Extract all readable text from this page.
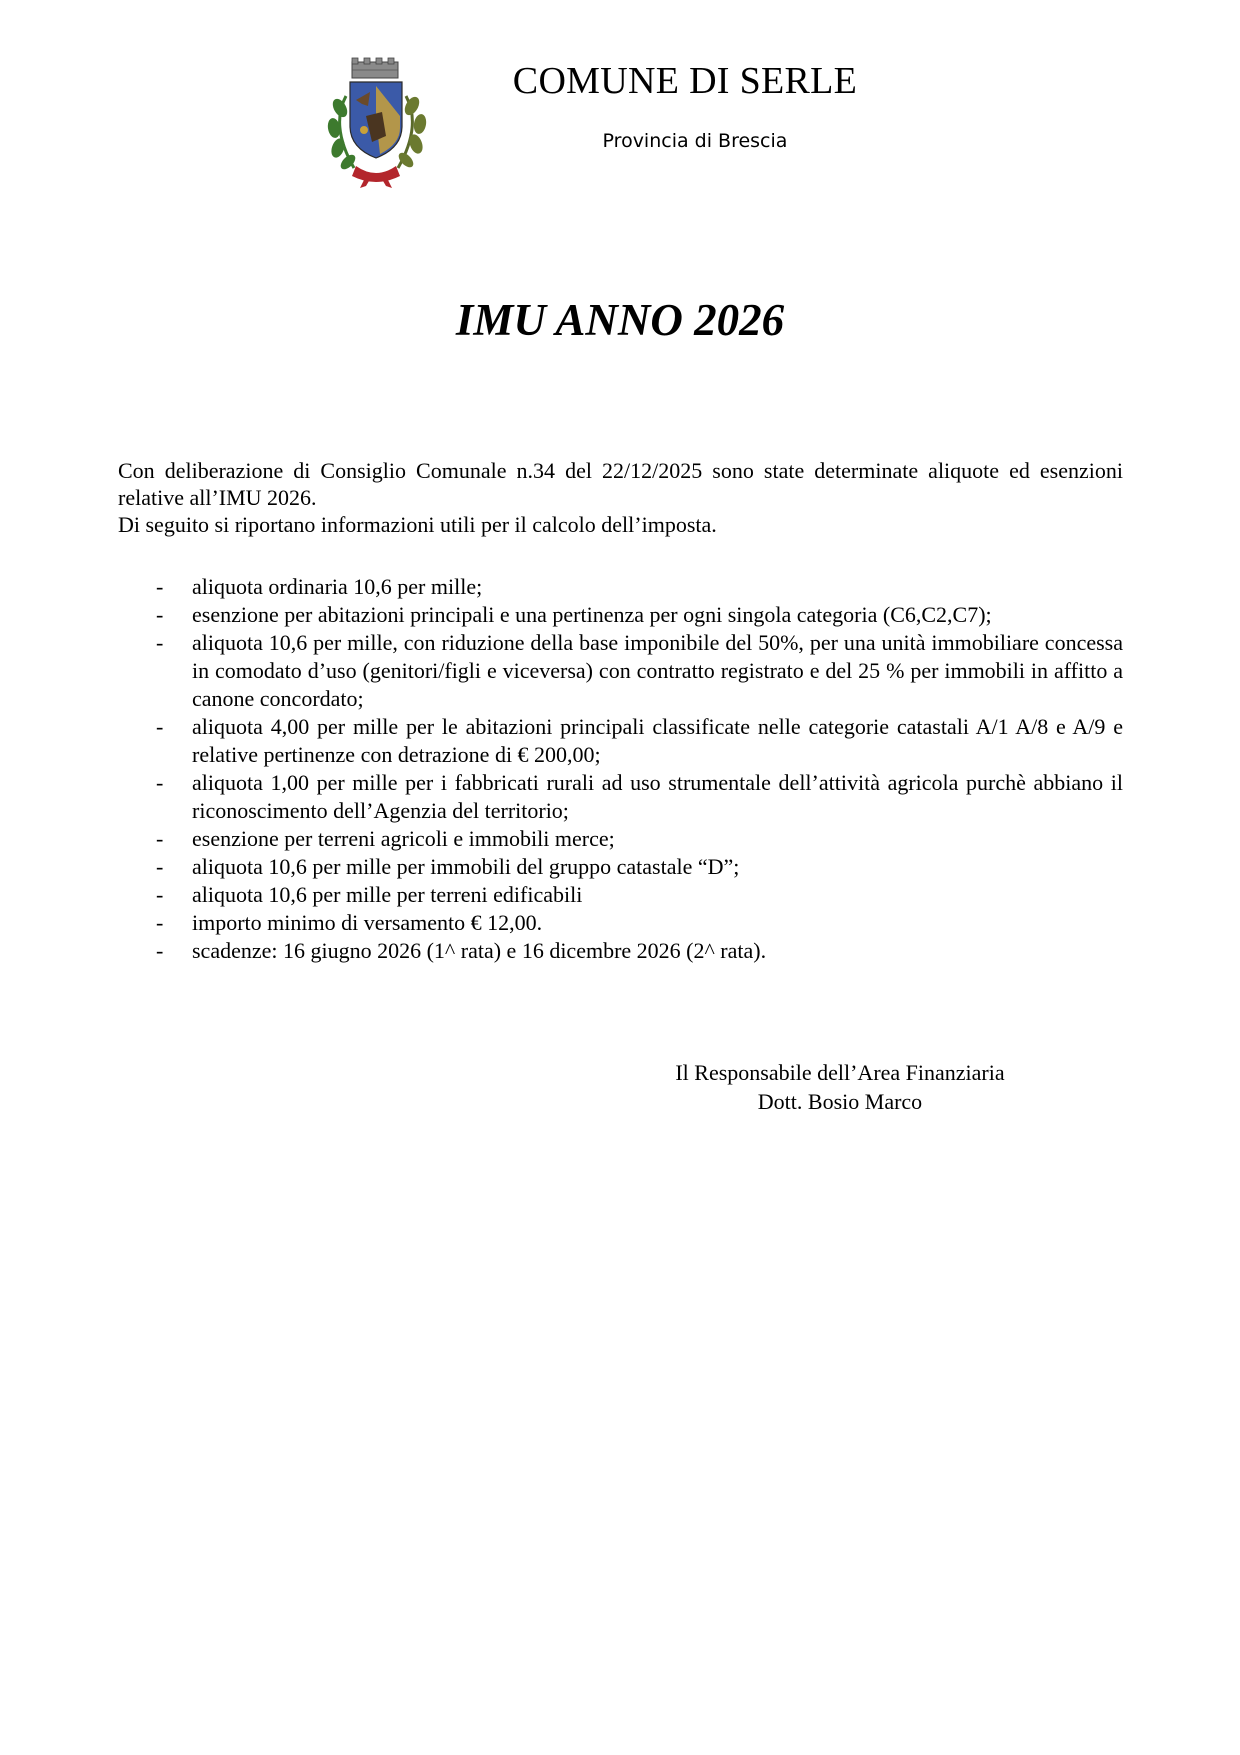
COMUNE DI SERLE
Provincia di Brescia
IMU ANNO 2026

Con deliberazione di Consiglio Comunale n.34 del 22/12/2025 sono state determinate aliquote ed esenzioni relative all’IMU 2026.

Di seguito si riportano informazioni utili per il calcolo dell’imposta.

- aliquota ordinaria 10,6 per mille;
- esenzione per abitazioni principali e una pertinenza per ogni singola categoria (C6,C2,C7);
- aliquota 10,6 per mille, con riduzione della base imponibile del 50%, per una unità immobiliare concessa in comodato d’uso (genitori/figli e viceversa) con contratto registrato e del 25 % per immobili in affitto a canone concordato;
- aliquota 4,00 per mille per le abitazioni principali classificate nelle categorie catastali A/1 A/8 e A/9 e relative pertinenze con detrazione di € 200,00;
- aliquota 1,00 per mille per i fabbricati rurali ad uso strumentale dell’attività agricola purchè abbiano il riconoscimento dell’Agenzia del territorio;
- esenzione per terreni agricoli e immobili merce;
- aliquota 10,6 per mille per immobili del gruppo catastale “D”;
- aliquota 10,6 per mille per terreni edificabili
- importo minimo di versamento € 12,00.
- scadenze: 16 giugno 2026 (1^ rata) e 16 dicembre 2026 (2^ rata).
Il Responsabile dell’Area Finanziaria
Dott. Bosio Marco
